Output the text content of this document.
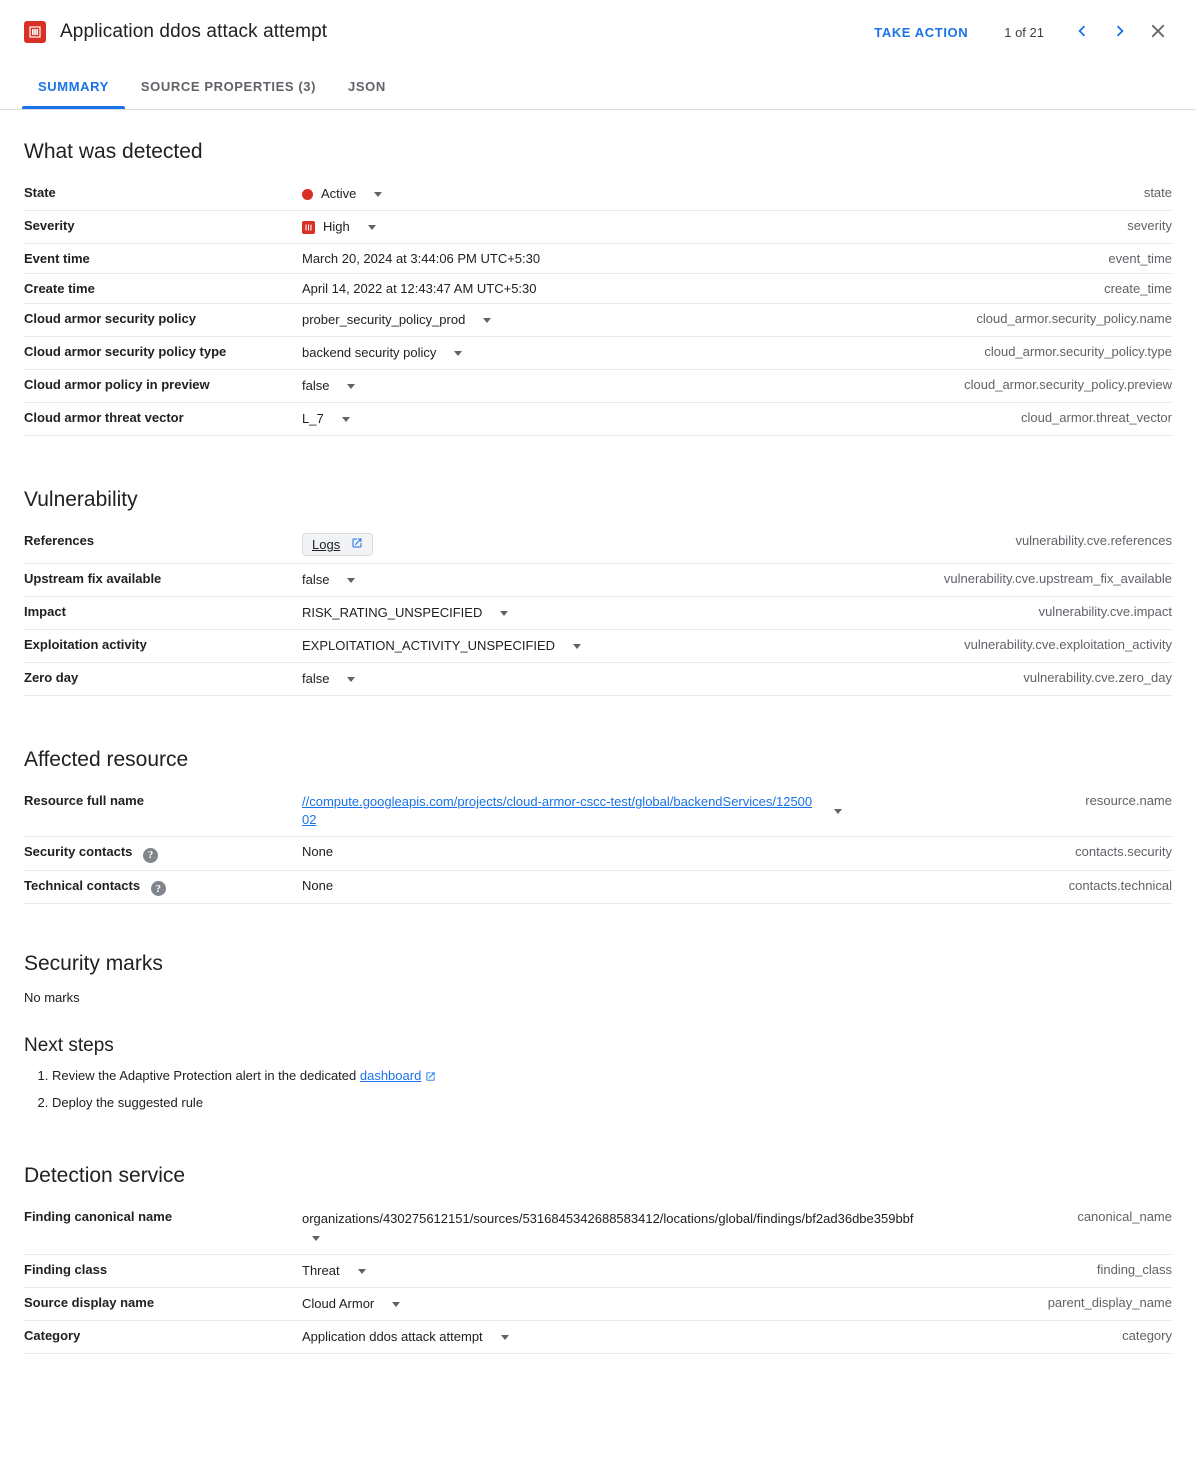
Application ddos attack attempt	TAKE ACTION	1 of 21
SUMMARY	SOURCE PROPERTIES (3)	JSON
What was detected
State	Active	state
Severity	High	severity
Event time	March 20, 2024 at 3:44:06 PM UTC+5:30	event_time
Create time	April 14, 2022 at 12:43:47 AM UTC+5:30	create_time
Cloud armor security policy	prober_security_policy_prod	cloud_armor.security_policy.name
Cloud armor security policy type	backend security policy	cloud_armor.security_policy.type
Cloud armor policy in preview	false	cloud_armor.security_policy.preview
Cloud armor threat vector	L_7	cloud_armor.threat_vector
Vulnerability
References	Logs	vulnerability.cve.references
Upstream fix available	false	vulnerability.cve.upstream_fix_available
Impact	RISK_RATING_UNSPECIFIED	vulnerability.cve.impact
Exploitation activity	EXPLOITATION_ACTIVITY_UNSPECIFIED	vulnerability.cve.exploitation_activity
Zero day	false	vulnerability.cve.zero_day
Affected resource
Resource full name	//compute.googleapis.com/projects/cloud-armor-cscc-test/global/backendServices/1250002	resource.name
Security contacts ?	None	contacts.security
Technical contacts ?	None	contacts.technical
Security marks
No marks
Next steps
1. Review the Adaptive Protection alert in the dedicated dashboard
2. Deploy the suggested rule
Detection service
Finding canonical name	organizations/430275612151/sources/5316845342688583412/locations/global/findings/bf2ad36dbe359bbf	canonical_name
Finding class	Threat	finding_class
Source display name	Cloud Armor	parent_display_name
Category	Application ddos attack attempt	category
